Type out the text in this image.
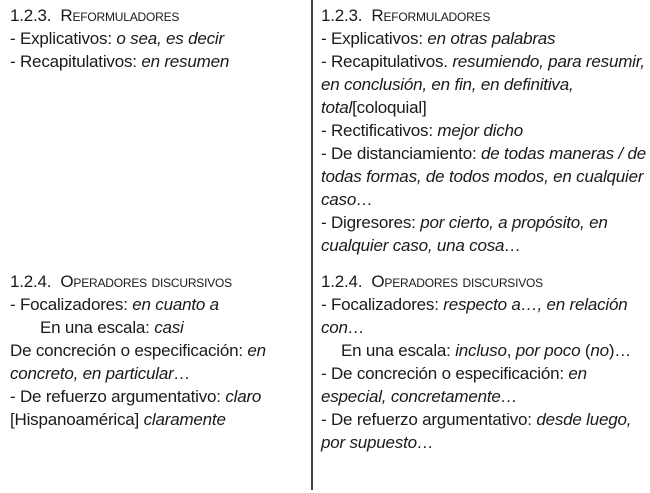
1.2.3. Reformuladores
- Explicativos: o sea, es decir
- Recapitulativos: en resumen
1.2.3. Reformuladores
- Explicativos: en otras palabras
- Recapitulativos. resumiendo, para resumir, en conclusión, en fin, en definitiva, total[coloquial]
- Rectificativos: mejor dicho
- De distanciamiento: de todas maneras / de todas formas, de todos modos, en cualquier caso…
- Digresores: por cierto, a propósito, en cualquier caso, una cosa…
1.2.4. Operadores discursivos
- Focalizadores: en cuanto a
En una escala: casi
De concreción o especificación: en concreto, en particular…
- De refuerzo argumentativo: claro [Hispanoamérica] claramente
1.2.4. Operadores discursivos
- Focalizadores: respecto a…, en relación con…
En una escala: incluso, por poco (no)…
- De concreción o especificación: en especial, concretamente…
- De refuerzo argumentativo: desde luego, por supuesto…
